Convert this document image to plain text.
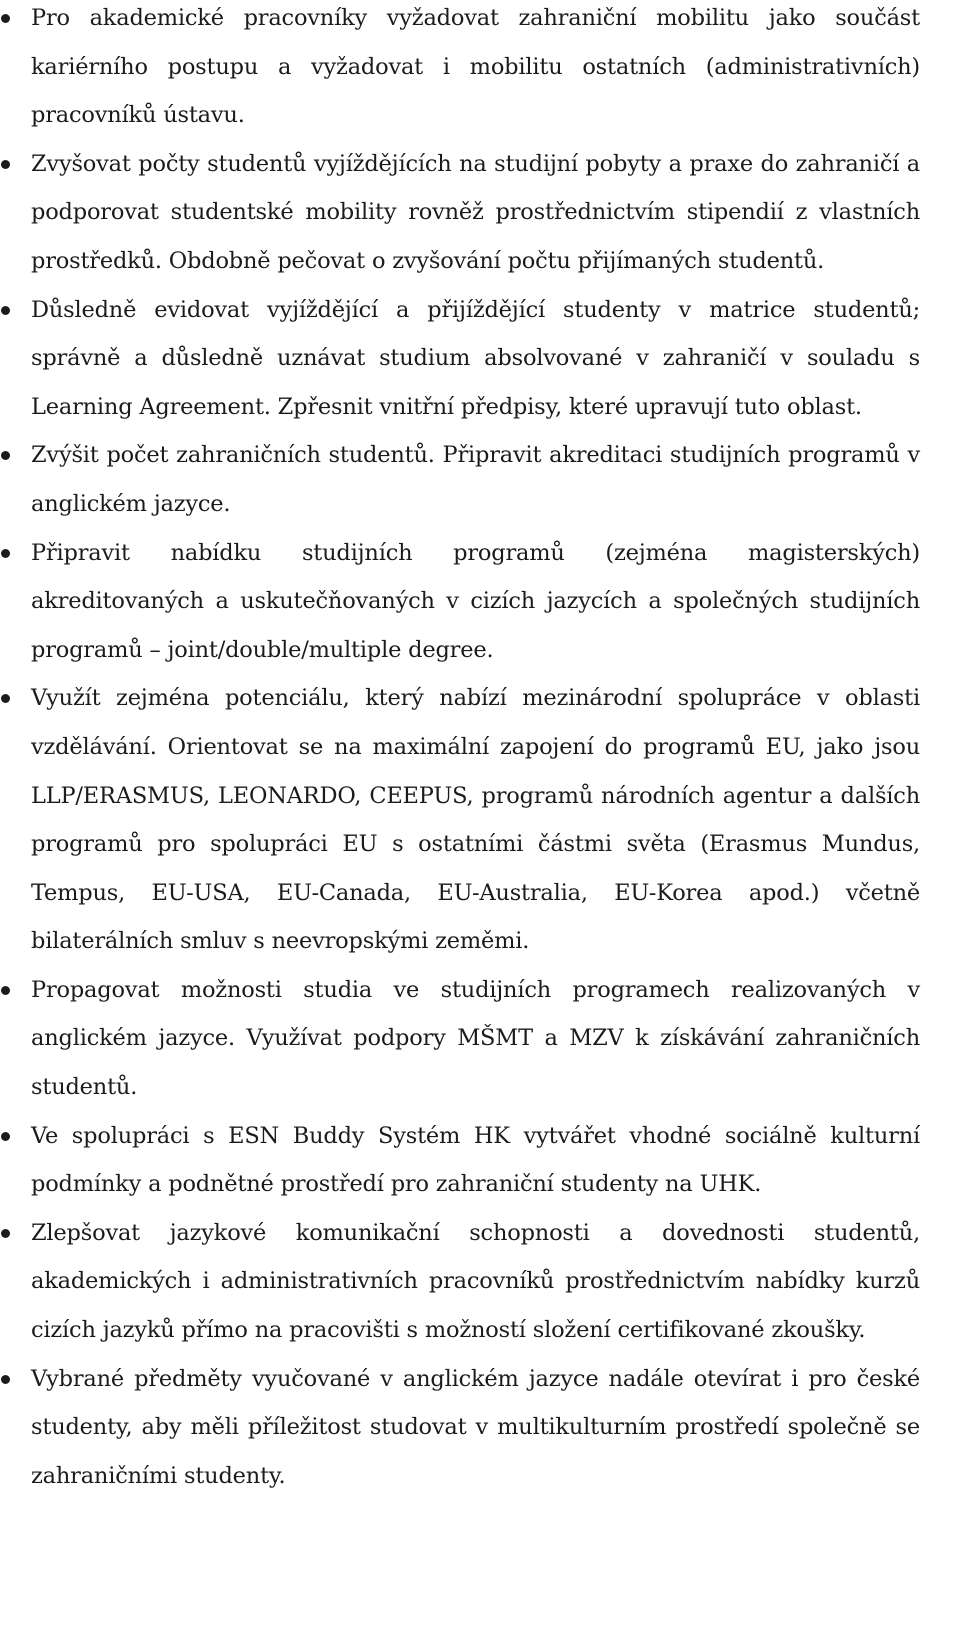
Pro akademické pracovníky vyžadovat zahraniční mobilitu jako součást kariérního postupu a vyžadovat i mobilitu ostatních (administrativních) pracovníků ústavu.
Zvyšovat počty studentů vyjíždějících na studijní pobyty a praxe do zahraničí a podporovat studentské mobility rovněž prostřednictvím stipendií z vlastních prostředků. Obdobně pečovat o zvyšování počtu přijímaných studentů.
Důsledně evidovat vyjíždějící a přijíždějící studenty v matrice studentů; správně a důsledně uznávat studium absolvované v zahraničí v souladu s Learning Agreement. Zpřesnit vnitřní předpisy, které upravují tuto oblast.
Zvýšit počet zahraničních studentů. Připravit akreditaci studijních programů v anglickém jazyce.
Připravit nabídku studijních programů (zejména magisterských) akreditovaných a uskutečňovaných v cizích jazycích a společných studijních programů – joint/double/multiple degree.
Využít zejména potenciálu, který nabízí mezinárodní spolupráce v oblasti vzdělávání. Orientovat se na maximální zapojení do programů EU, jako jsou LLP/ERASMUS, LEONARDO, CEEPUS, programů národních agentur a dalších programů pro spolupráci EU s ostatními částmi světa (Erasmus Mundus, Tempus, EU-USA, EU-Canada, EU-Australia, EU-Korea apod.) včetně bilaterálních smluv s neevropskými zeměmi.
Propagovat možnosti studia ve studijních programech realizovaných v anglickém jazyce. Využívat podpory MŠMT a MZV k získávání zahraničních studentů.
Ve spolupráci s ESN Buddy Systém HK vytvářet vhodné sociálně kulturní podmínky a podnětné prostředí pro zahraniční studenty na UHK.
Zlepšovat jazykové komunikační schopnosti a dovednosti studentů, akademických i administrativních pracovníků prostřednictvím nabídky kurzů cizích jazyků přímo na pracovišti s možností složení certifikované zkoušky.
Vybrané předměty vyučované v anglickém jazyce nadále otevírat i pro české studenty, aby měli příležitost studovat v multikulturním prostředí společně se zahraničními studenty.
